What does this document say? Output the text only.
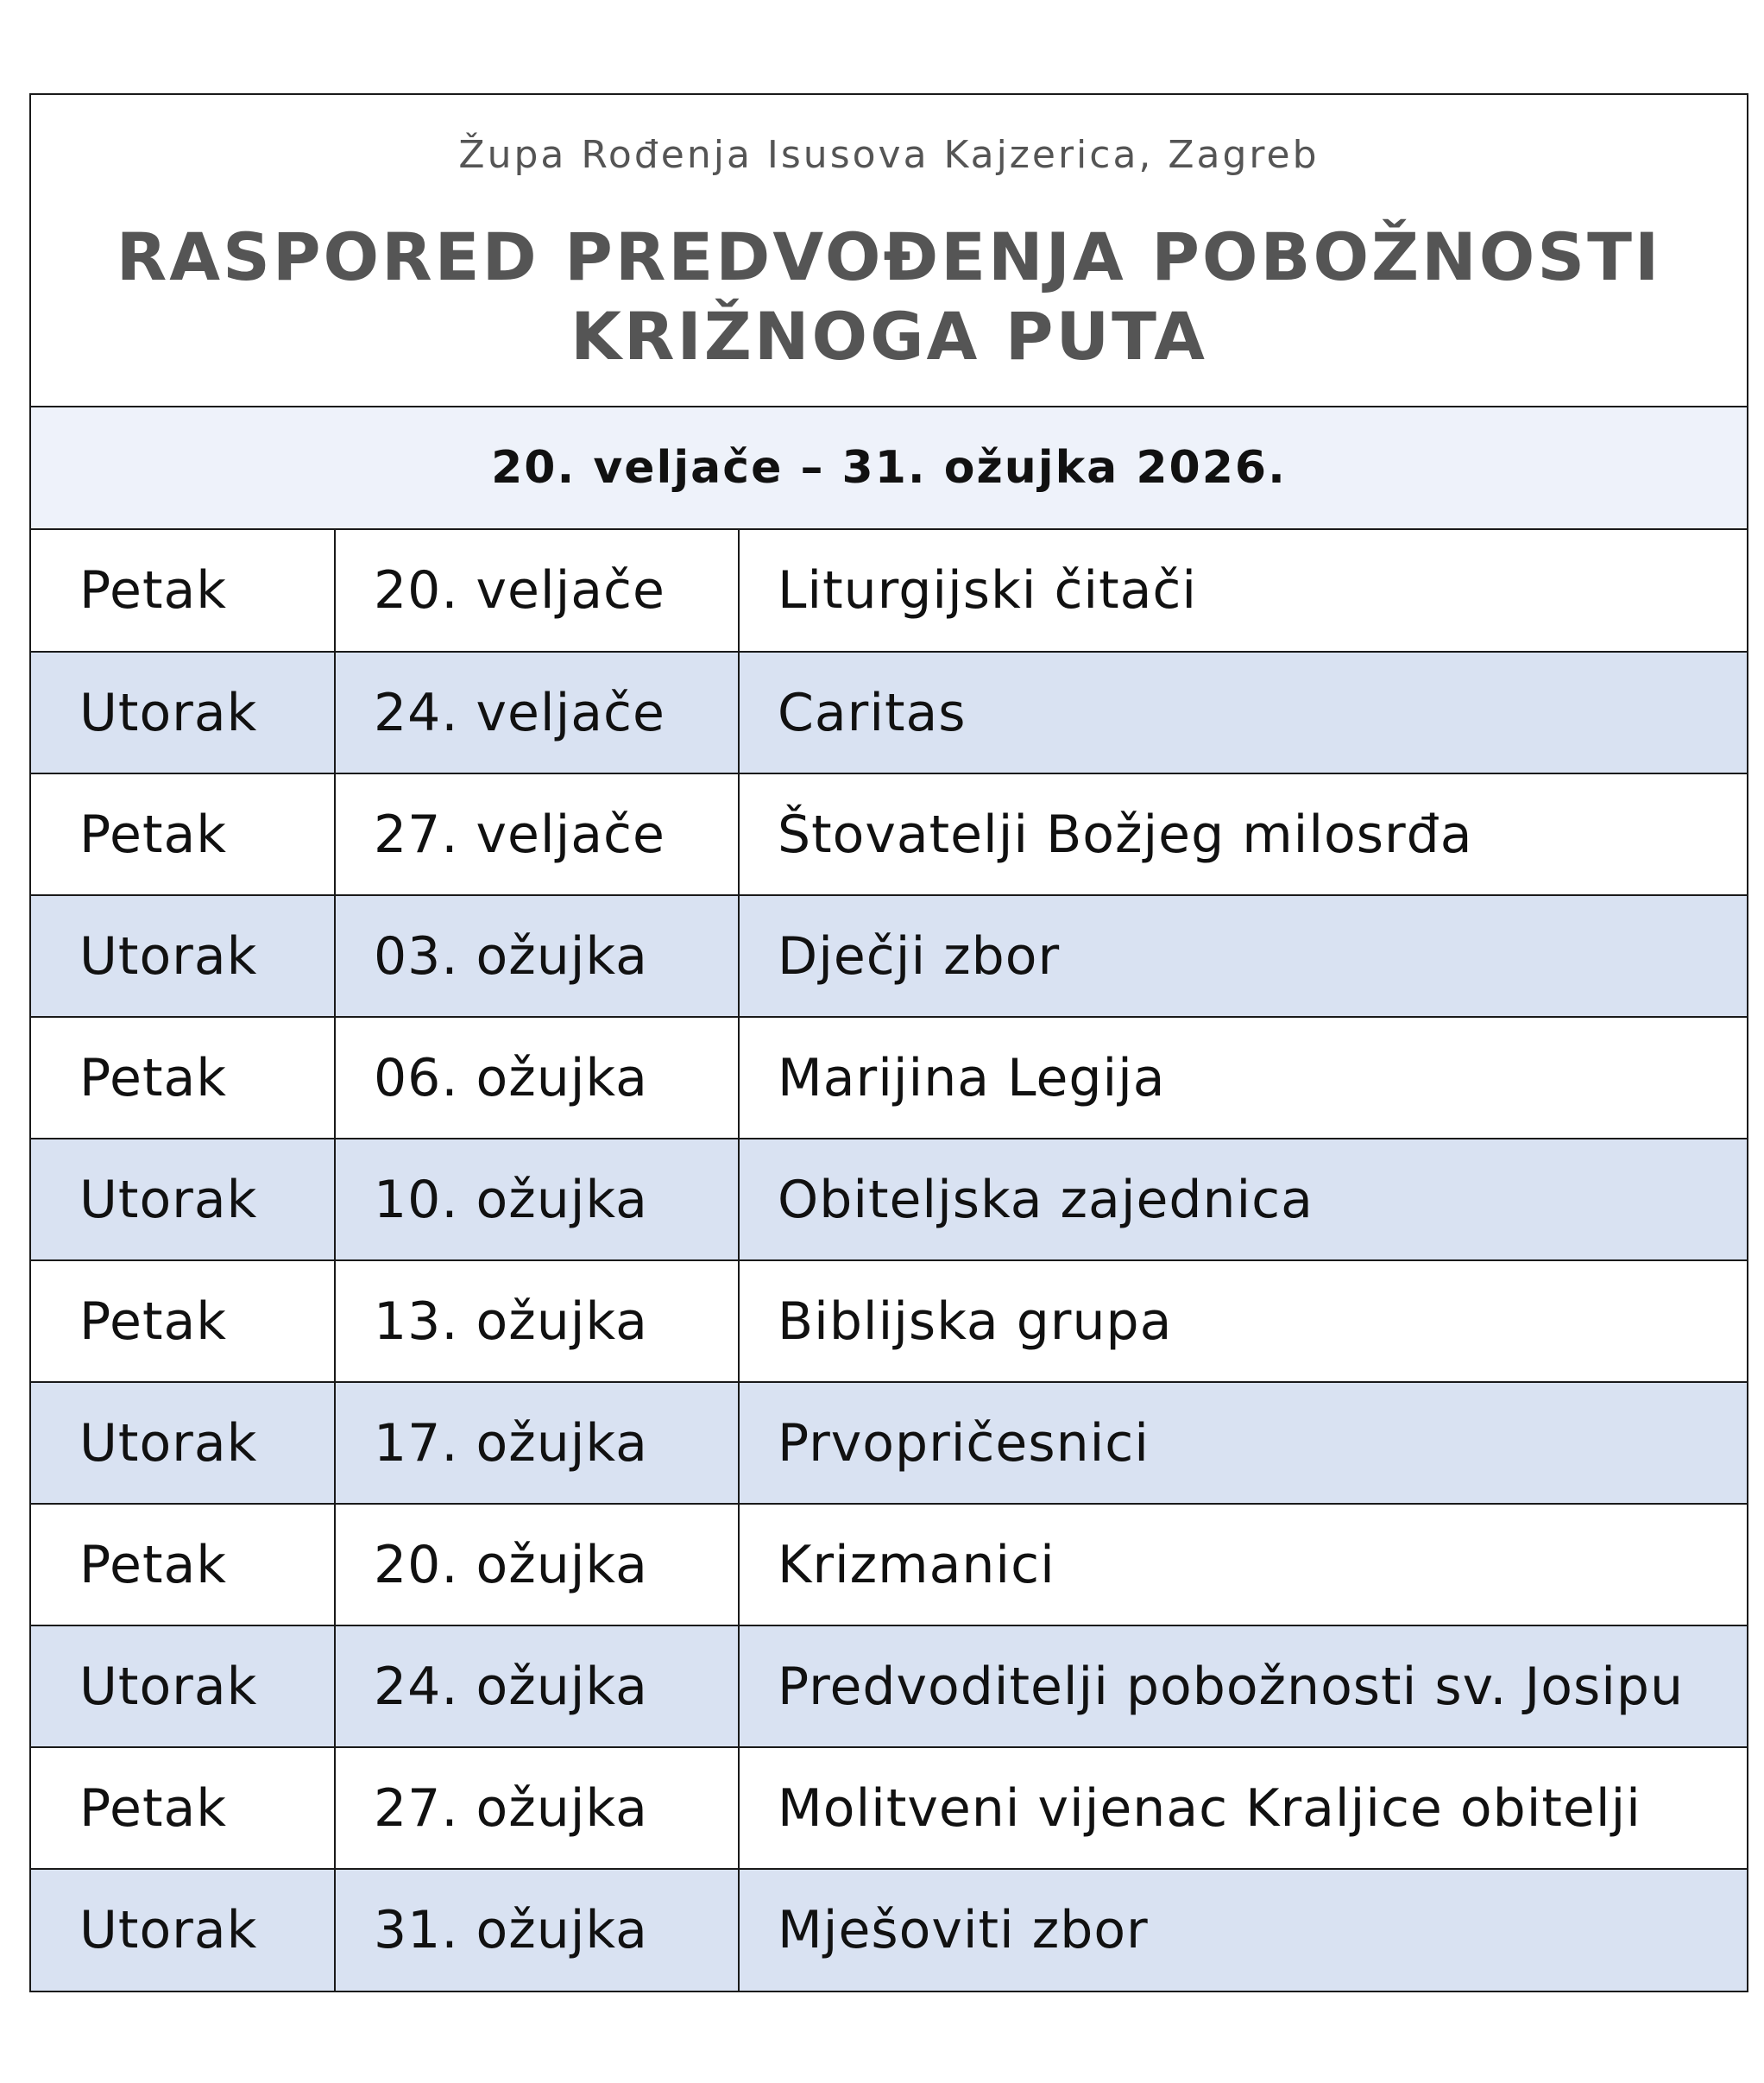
Župa Rođenja Isusova Kajzerica, Zagreb
RASPORED PREDVOĐENJA POBOŽNOSTI
KRIŽNOGA PUTA
20. veljače – 31. ožujka 2026.
Petak	20. veljače	Liturgijski čitači
Utorak	24. veljače	Caritas
Petak	27. veljače	Štovatelji Božjeg milosrđa
Utorak	03. ožujka	Dječji zbor
Petak	06. ožujka	Marijina Legija
Utorak	10. ožujka	Obiteljska zajednica
Petak	13. ožujka	Biblijska grupa
Utorak	17. ožujka	Prvopričesnici
Petak	20. ožujka	Krizmanici
Utorak	24. ožujka	Predvoditelji pobožnosti sv. Josipu
Petak	27. ožujka	Molitveni vijenac Kraljice obitelji
Utorak	31. ožujka	Mješoviti zbor
